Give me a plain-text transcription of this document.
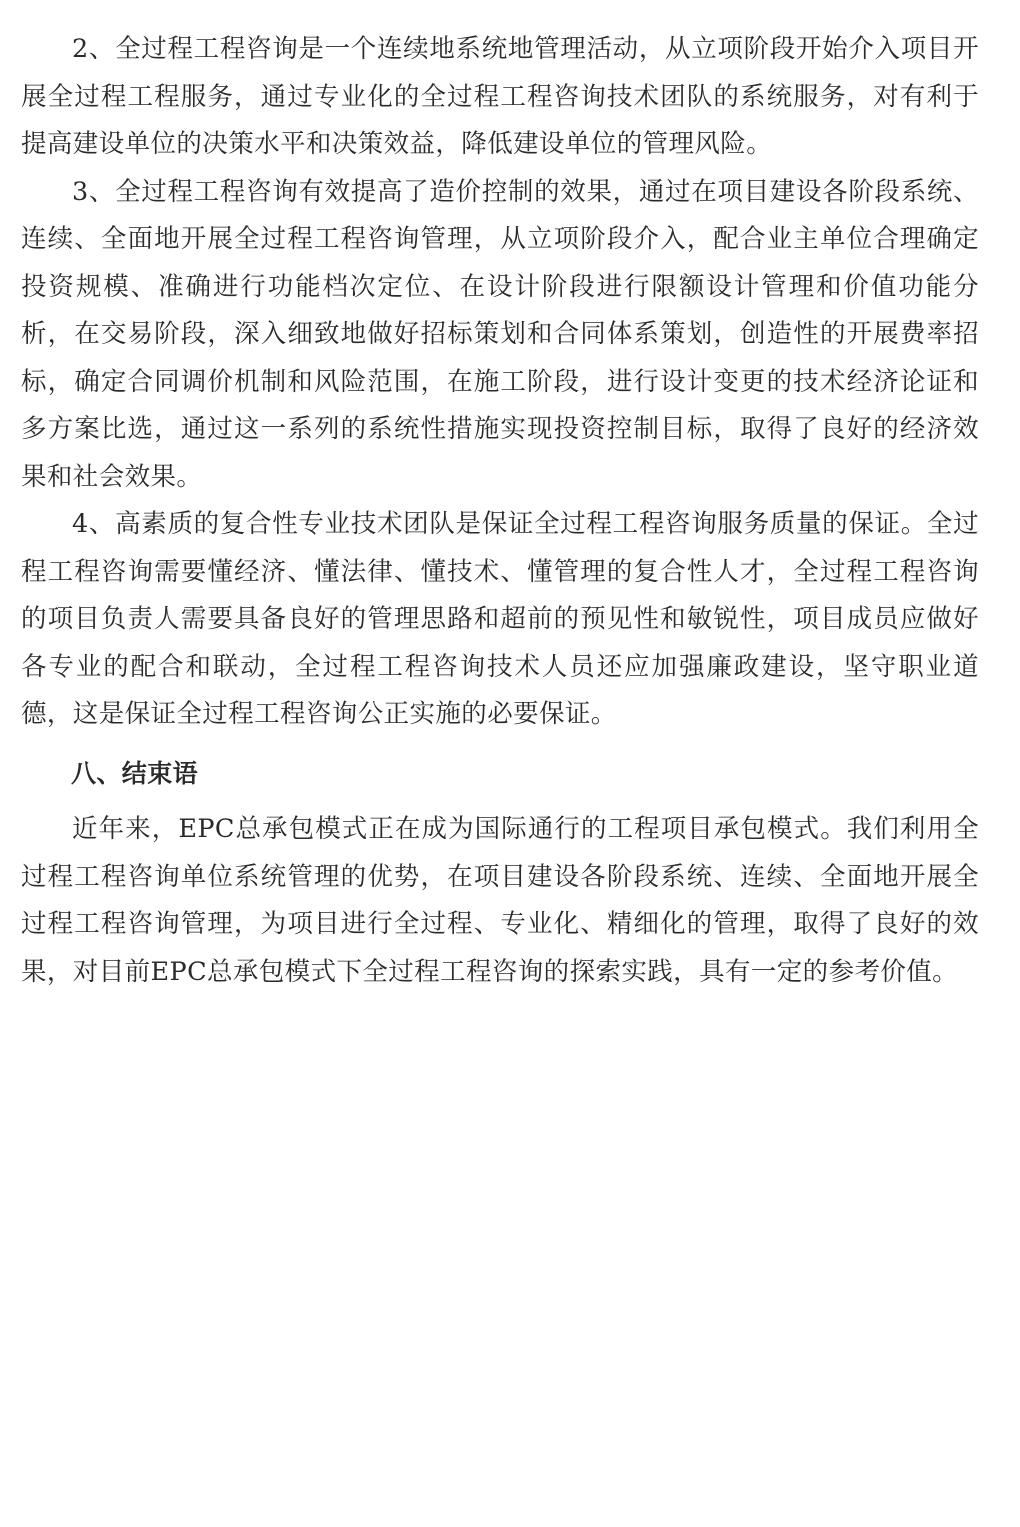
2、全过程工程咨询是一个连续地系统地管理活动，从立项阶段开始介入项目开展全过程工程服务，通过专业化的全过程工程咨询技术团队的系统服务，对有利于提高建设单位的决策水平和决策效益，降低建设单位的管理风险。

3、全过程工程咨询有效提高了造价控制的效果，通过在项目建设各阶段系统、连续、全面地开展全过程工程咨询管理，从立项阶段介入，配合业主单位合理确定投资规模、准确进行功能档次定位、在设计阶段进行限额设计管理和价值功能分析，在交易阶段，深入细致地做好招标策划和合同体系策划，创造性的开展费率招标，确定合同调价机制和风险范围，在施工阶段，进行设计变更的技术经济论证和多方案比选，通过这一系列的系统性措施实现投资控制目标，取得了良好的经济效果和社会效果。

4、高素质的复合性专业技术团队是保证全过程工程咨询服务质量的保证。全过程工程咨询需要懂经济、懂法律、懂技术、懂管理的复合性人才，全过程工程咨询的项目负责人需要具备良好的管理思路和超前的预见性和敏锐性，项目成员应做好各专业的配合和联动，全过程工程咨询技术人员还应加强廉政建设，坚守职业道德，这是保证全过程工程咨询公正实施的必要保证。

八、结束语

近年来，EPC总承包模式正在成为国际通行的工程项目承包模式。我们利用全过程工程咨询单位系统管理的优势，在项目建设各阶段系统、连续、全面地开展全过程工程咨询管理，为项目进行全过程、专业化、精细化的管理，取得了良好的效果，对目前EPC总承包模式下全过程工程咨询的探索实践，具有一定的参考价值。
